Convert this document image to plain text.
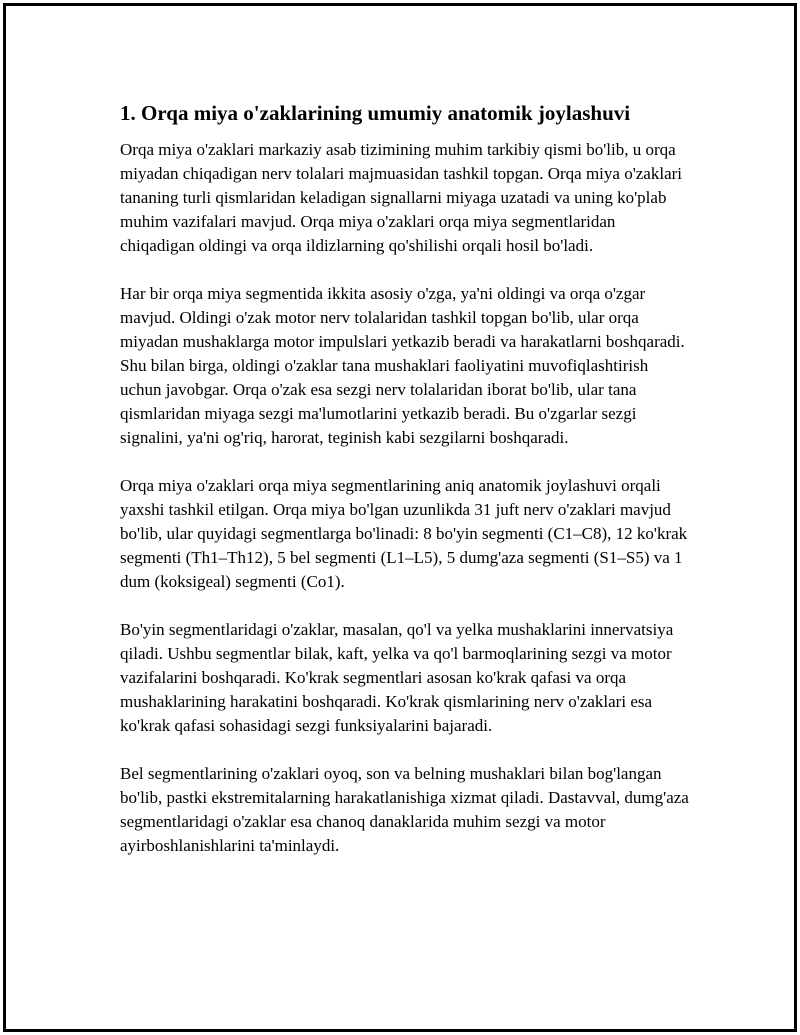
1. Orqa miya o'zaklarining umumiy anatomik joylashuvi

Orqa miya o'zaklari markaziy asab tizimining muhim tarkibiy qismi bo'lib, u orqa miyadan chiqadigan nerv tolalari majmuasidan tashkil topgan. Orqa miya o'zaklari tananing turli qismlaridan keladigan signallarni miyaga uzatadi va uning ko'plab muhim vazifalari mavjud. Orqa miya o'zaklari orqa miya segmentlaridan chiqadigan oldingi va orqa ildizlarning qo'shilishi orqali hosil bo'ladi.

Har bir orqa miya segmentida ikkita asosiy o'zga, ya'ni oldingi va orqa o'zgar mavjud. Oldingi o'zak motor nerv tolalaridan tashkil topgan bo'lib, ular orqa miyadan mushaklarga motor impulslari yetkazib beradi va harakatlarni boshqaradi. Shu bilan birga, oldingi o'zaklar tana mushaklari faoliyatini muvofiqlashtirish uchun javobgar. Orqa o'zak esa sezgi nerv tolalaridan iborat bo'lib, ular tana qismlaridan miyaga sezgi ma'lumotlarini yetkazib beradi. Bu o'zgarlar sezgi signalini, ya'ni og'riq, harorat, teginish kabi sezgilarni boshqaradi.

Orqa miya o'zaklari orqa miya segmentlarining aniq anatomik joylashuvi orqali yaxshi tashkil etilgan. Orqa miya bo'lgan uzunlikda 31 juft nerv o'zaklari mavjud bo'lib, ular quyidagi segmentlarga bo'linadi: 8 bo'yin segmenti (C1–C8), 12 ko'krak segmenti (Th1–Th12), 5 bel segmenti (L1–L5), 5 dumg'aza segmenti (S1–S5) va 1 dum (koksigeal) segmenti (Co1).

Bo'yin segmentlaridagi o'zaklar, masalan, qo'l va yelka mushaklarini innervatsiya qiladi. Ushbu segmentlar bilak, kaft, yelka va qo'l barmoqlarining sezgi va motor vazifalarini boshqaradi. Ko'krak segmentlari asosan ko'krak qafasi va orqa mushaklarining harakatini boshqaradi. Ko'krak qismlarining nerv o'zaklari esa ko'krak qafasi sohasidagi sezgi funksiyalarini bajaradi.

Bel segmentlarining o'zaklari oyoq, son va belning mushaklari bilan bog'langan bo'lib, pastki ekstremitalarning harakatlanishiga xizmat qiladi. Dastavval, dumg'aza segmentlaridagi o'zaklar esa chanoq danaklarida muhim sezgi va motor ayirboshlanishlarini ta'minlaydi.
